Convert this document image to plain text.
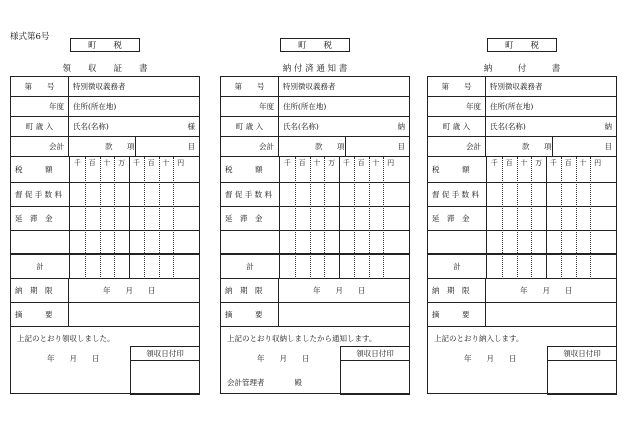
様式第6号
町　　税
領　　収　　証　　書
第　　号	特別徴収義務者
年度	住所(所在地)
町 歳 入	氏名(名称)	様
会計	款 項	目
税　　　額
千	百	十	万	千	百	十	円
督 促 手 数 料
延　滞　金
計
納　期　限	年　　月　　日
摘　　　要
上記のとおり領収しました。
年　　月　　日
領収日付印
町　　税
納 付 済 通 知 書
第　　号	特別徴収義務者
年度	住所(所在地)
町 歳 入	氏名(名称)	納
会計	款 項	目
税　　　額
千	百	十	万	千	百	十	円
督 促 手 数 料
延　滞　金
計
納　期　限	年　　月　　日
摘　　　要
上記のとおり収納しましたから通知します。
年　　月　　日
会計管理者　　　　殿
領収日付印
町　　税
納　　　付　　　書
第　　号	特別徴収義務者
年度	住所(所在地)
町 歳 入	氏名(名称)	納
会計	款 項	目
税　　　額
千	百	十	万	千	百	十	円
督 促 手 数 料
延　滞　金
計
納　期　限	年　　月　　日
摘　　　要
上記のとおり納入します。
年　　月　　日
領収日付印
